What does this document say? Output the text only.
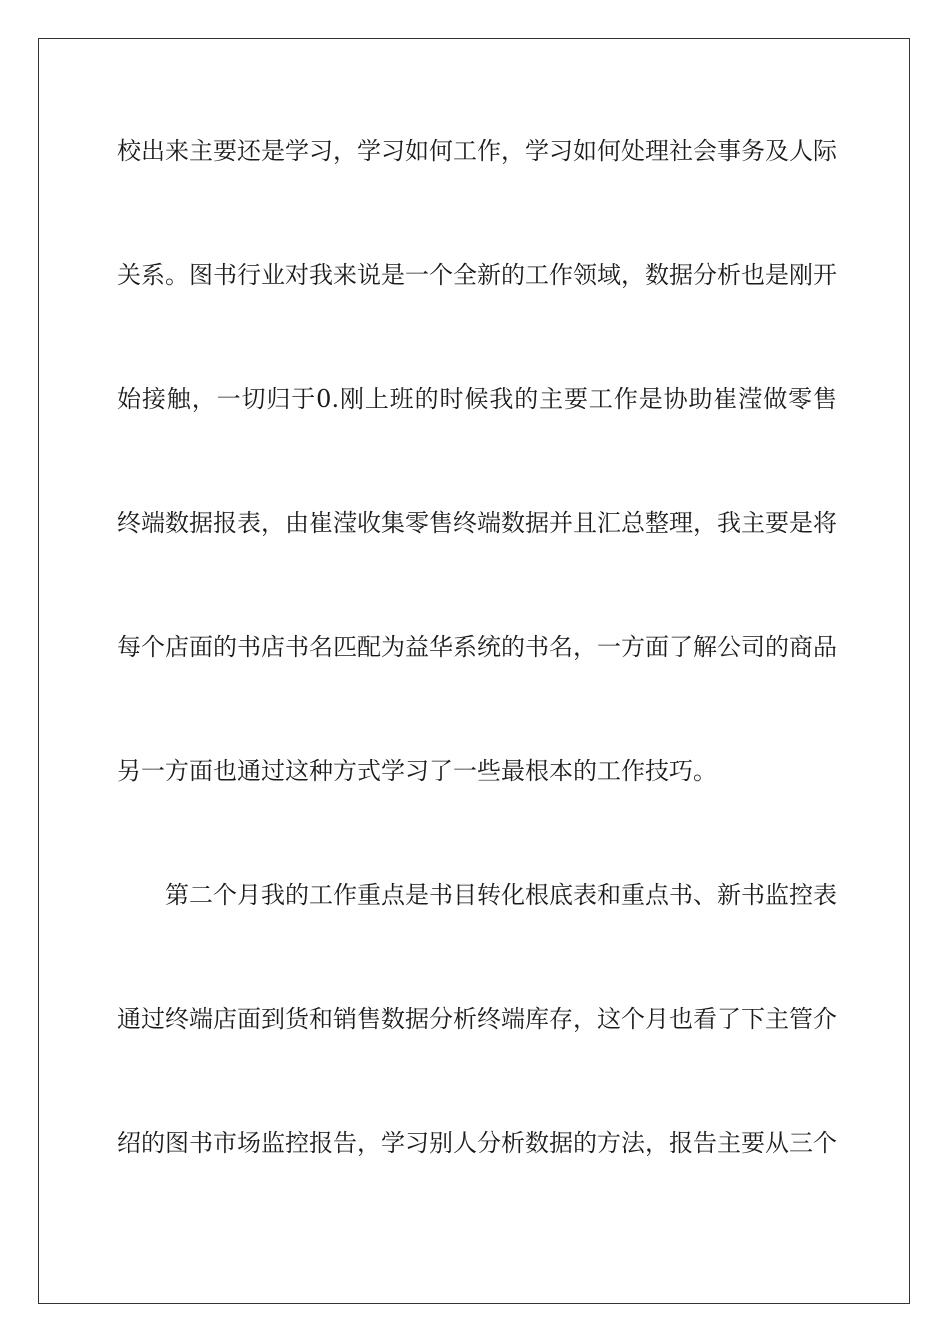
校出来主要还是学习，学习如何工作，学习如何处理社会事务及人际
关系。图书行业对我来说是一个全新的工作领域，数据分析也是刚开
始接触，一切归于0.刚上班的时候我的主要工作是协助崔滢做零售
终端数据报表，由崔滢收集零售终端数据并且汇总整理，我主要是将
每个店面的书店书名匹配为益华系统的书名，一方面了解公司的商品
另一方面也通过这种方式学习了一些最根本的工作技巧。
第二个月我的工作重点是书目转化根底表和重点书、新书监控表
通过终端店面到货和销售数据分析终端库存，这个月也看了下主管介
绍的图书市场监控报告，学习别人分析数据的方法，报告主要从三个
